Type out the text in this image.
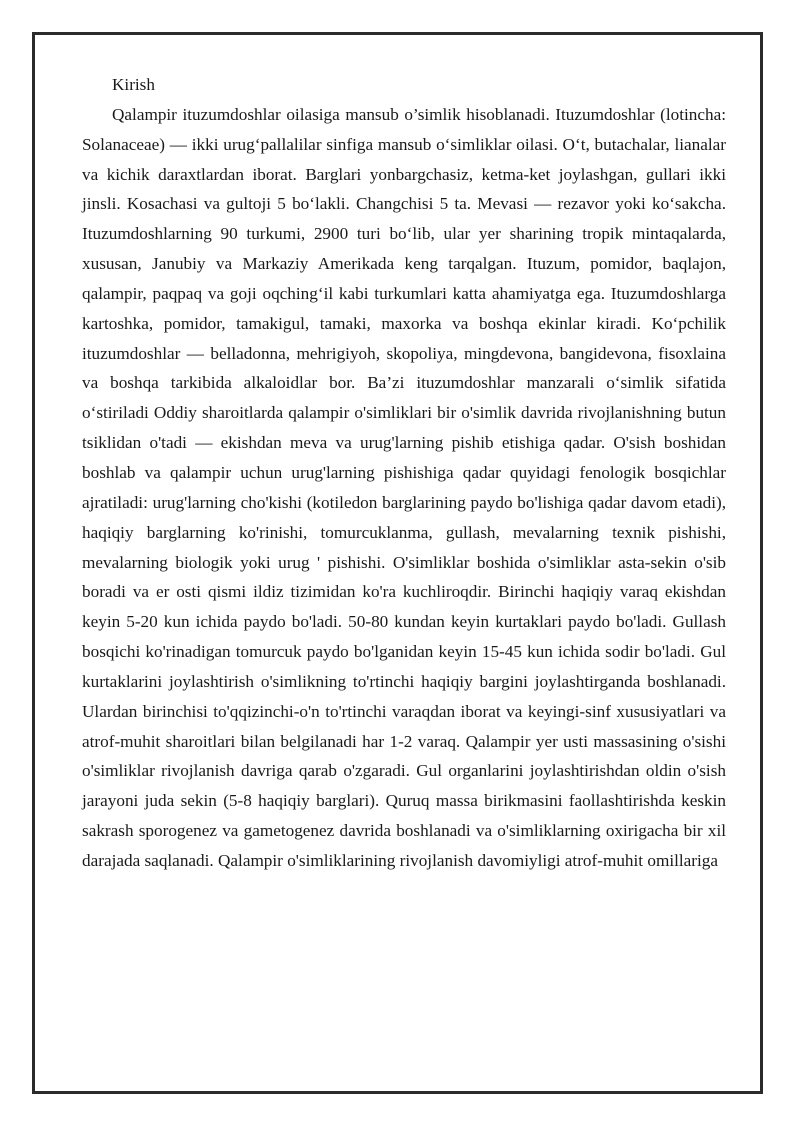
Kirish

Qalampir ituzumdoshlar oilasiga mansub o’simlik hisoblanadi. Ituzumdoshlar (lotincha: Solanaceae) — ikki urugʻpallalilar sinfiga mansub oʻsimliklar oilasi. Oʻt, butachalar, lianalar va kichik daraxtlardan iborat. Barglari yonbargchasiz, ketma-ket joylashgan, gullari ikki jinsli. Kosachasi va gultoji 5 boʻlakli. Changchisi 5 ta. Mevasi — rezavor yoki koʻsakcha. Ituzumdoshlarning 90 turkumi, 2900 turi boʻlib, ular yer sharining tropik mintaqalarda, xususan, Janubiy va Markaziy Amerikada keng tarqalgan. Ituzum, pomidor, baqlajon, qalampir, paqpaq va goji oqchingʻil kabi turkumlari katta ahamiyatga ega. Ituzumdoshlarga kartoshka, pomidor, tamakigul, tamaki, maxorka va boshqa ekinlar kiradi. Koʻpchilik ituzumdoshlar — belladonna, mehrigiyoh, skopoliya, mingdevona, bangidevona, fisoxlaina va boshqa tarkibida alkaloidlar bor. Ba’zi ituzumdoshlar manzarali oʻsimlik sifatida oʻstiriladi Oddiy sharoitlarda qalampir o'simliklari bir o'simlik davrida rivojlanishning butun tsiklidan o'tadi — ekishdan meva va urug'larning pishib etishiga qadar. O'sish boshidan boshlab va qalampir uchun urug'larning pishishiga qadar quyidagi fenologik bosqichlar ajratiladi: urug'larning cho'kishi (kotiledon barglarining paydo bo'lishiga qadar davom etadi), haqiqiy barglarning ko'rinishi, tomurcuklanma, gullash, mevalarning texnik pishishi, mevalarning biologik yoki urug ' pishishi. O'simliklar boshida o'simliklar asta-sekin o'sib boradi va er osti qismi ildiz tizimidan ko'ra kuchliroqdir. Birinchi haqiqiy varaq ekishdan keyin 5-20 kun ichida paydo bo'ladi. 50-80 kundan keyin kurtaklari paydo bo'ladi. Gullash bosqichi ko'rinadigan tomurcuk paydo bo'lganidan keyin 15-45 kun ichida sodir bo'ladi. Gul kurtaklarini joylashtirish o'simlikning to'rtinchi haqiqiy bargini joylashtirganda boshlanadi. Ulardan birinchisi to'qqizinchi-o'n to'rtinchi varaqdan iborat va keyingi-sinf xususiyatlari va atrof-muhit sharoitlari bilan belgilanadi har 1-2 varaq. Qalampir yer usti massasining o'sishi o'simliklar rivojlanish davriga qarab o'zgaradi. Gul organlarini joylashtirishdan oldin o'sish jarayoni juda sekin (5-8 haqiqiy barglari). Quruq massa birikmasini faollashtirishda keskin sakrash sporogenez va gametogenez davrida boshlanadi va o'simliklarning oxirigacha bir xil darajada saqlanadi. Qalampir o'simliklarining rivojlanish davomiyligi atrof-muhit omillariga
